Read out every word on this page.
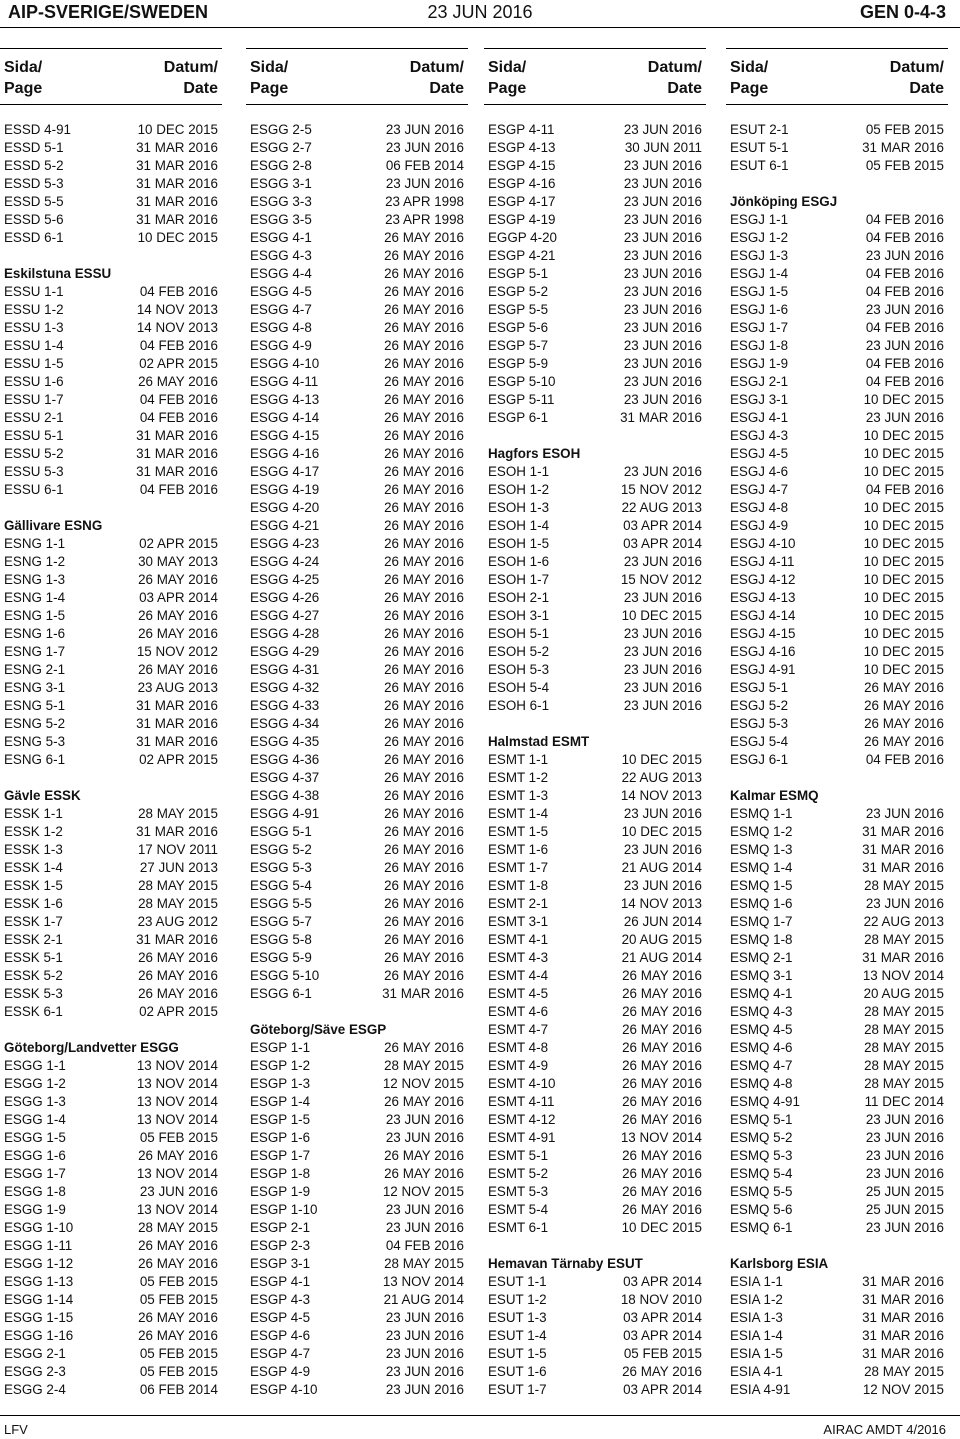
AIP-SVERIGE/SWEDEN	23 JUN 2016	GEN 0-4-3
Sida/
Page
Datum/
Date
ESSD 4-91	10 DEC 2015
ESSD 5-1	31 MAR 2016
ESSD 5-2	31 MAR 2016
ESSD 5-3	31 MAR 2016
ESSD 5-5	31 MAR 2016
ESSD 5-6	31 MAR 2016
ESSD 6-1	10 DEC 2015
Eskilstuna ESSU
ESSU 1-1	04 FEB 2016
ESSU 1-2	14 NOV 2013
ESSU 1-3	14 NOV 2013
ESSU 1-4	04 FEB 2016
ESSU 1-5	02 APR 2015
ESSU 1-6	26 MAY 2016
ESSU 1-7	04 FEB 2016
ESSU 2-1	04 FEB 2016
ESSU 5-1	31 MAR 2016
ESSU 5-2	31 MAR 2016
ESSU 5-3	31 MAR 2016
ESSU 6-1	04 FEB 2016
Gällivare ESNG
ESNG 1-1	02 APR 2015
ESNG 1-2	30 MAY 2013
ESNG 1-3	26 MAY 2016
ESNG 1-4	03 APR 2014
ESNG 1-5	26 MAY 2016
ESNG 1-6	26 MAY 2016
ESNG 1-7	15 NOV 2012
ESNG 2-1	26 MAY 2016
ESNG 3-1	23 AUG 2013
ESNG 5-1	31 MAR 2016
ESNG 5-2	31 MAR 2016
ESNG 5-3	31 MAR 2016
ESNG 6-1	02 APR 2015
Gävle ESSK
ESSK 1-1	28 MAY 2015
ESSK 1-2	31 MAR 2016
ESSK 1-3	17 NOV 2011
ESSK 1-4	27 JUN 2013
ESSK 1-5	28 MAY 2015
ESSK 1-6	28 MAY 2015
ESSK 1-7	23 AUG 2012
ESSK 2-1	31 MAR 2016
ESSK 5-1	26 MAY 2016
ESSK 5-2	26 MAY 2016
ESSK 5-3	26 MAY 2016
ESSK 6-1	02 APR 2015
Göteborg/Landvetter ESGG
ESGG 1-1	13 NOV 2014
ESGG 1-2	13 NOV 2014
ESGG 1-3	13 NOV 2014
ESGG 1-4	13 NOV 2014
ESGG 1-5	05 FEB 2015
ESGG 1-6	26 MAY 2016
ESGG 1-7	13 NOV 2014
ESGG 1-8	23 JUN 2016
ESGG 1-9	13 NOV 2014
ESGG 1-10	28 MAY 2015
ESGG 1-11	26 MAY 2016
ESGG 1-12	26 MAY 2016
ESGG 1-13	05 FEB 2015
ESGG 1-14	05 FEB 2015
ESGG 1-15	26 MAY 2016
ESGG 1-16	26 MAY 2016
ESGG 2-1	05 FEB 2015
ESGG 2-3	05 FEB 2015
ESGG 2-4	06 FEB 2014
Sida/
Page
Datum/
Date
ESGG 2-5	23 JUN 2016
ESGG 2-7	23 JUN 2016
ESGG 2-8	06 FEB 2014
ESGG 3-1	23 JUN 2016
ESGG 3-3	23 APR 1998
ESGG 3-5	23 APR 1998
ESGG 4-1	26 MAY 2016
ESGG 4-3	26 MAY 2016
ESGG 4-4	26 MAY 2016
ESGG 4-5	26 MAY 2016
ESGG 4-7	26 MAY 2016
ESGG 4-8	26 MAY 2016
ESGG 4-9	26 MAY 2016
ESGG 4-10	26 MAY 2016
ESGG 4-11	26 MAY 2016
ESGG 4-13	26 MAY 2016
ESGG 4-14	26 MAY 2016
ESGG 4-15	26 MAY 2016
ESGG 4-16	26 MAY 2016
ESGG 4-17	26 MAY 2016
ESGG 4-19	26 MAY 2016
ESGG 4-20	26 MAY 2016
ESGG 4-21	26 MAY 2016
ESGG 4-23	26 MAY 2016
ESGG 4-24	26 MAY 2016
ESGG 4-25	26 MAY 2016
ESGG 4-26	26 MAY 2016
ESGG 4-27	26 MAY 2016
ESGG 4-28	26 MAY 2016
ESGG 4-29	26 MAY 2016
ESGG 4-31	26 MAY 2016
ESGG 4-32	26 MAY 2016
ESGG 4-33	26 MAY 2016
ESGG 4-34	26 MAY 2016
ESGG 4-35	26 MAY 2016
ESGG 4-36	26 MAY 2016
ESGG 4-37	26 MAY 2016
ESGG 4-38	26 MAY 2016
ESGG 4-91	26 MAY 2016
ESGG 5-1	26 MAY 2016
ESGG 5-2	26 MAY 2016
ESGG 5-3	26 MAY 2016
ESGG 5-4	26 MAY 2016
ESGG 5-5	26 MAY 2016
ESGG 5-7	26 MAY 2016
ESGG 5-8	26 MAY 2016
ESGG 5-9	26 MAY 2016
ESGG 5-10	26 MAY 2016
ESGG 6-1	31 MAR 2016
Göteborg/Säve ESGP
ESGP 1-1	26 MAY 2016
ESGP 1-2	28 MAY 2015
ESGP 1-3	12 NOV 2015
ESGP 1-4	26 MAY 2016
ESGP 1-5	23 JUN 2016
ESGP 1-6	23 JUN 2016
ESGP 1-7	26 MAY 2016
ESGP 1-8	26 MAY 2016
ESGP 1-9	12 NOV 2015
ESGP 1-10	23 JUN 2016
ESGP 2-1	23 JUN 2016
ESGP 2-3	04 FEB 2016
ESGP 3-1	28 MAY 2015
ESGP 4-1	13 NOV 2014
ESGP 4-3	21 AUG 2014
ESGP 4-5	23 JUN 2016
ESGP 4-6	23 JUN 2016
ESGP 4-7	23 JUN 2016
ESGP 4-9	23 JUN 2016
ESGP 4-10	23 JUN 2016
Sida/
Page
Datum/
Date
ESGP 4-11	23 JUN 2016
ESGP 4-13	30 JUN 2011
ESGP 4-15	23 JUN 2016
ESGP 4-16	23 JUN 2016
ESGP 4-17	23 JUN 2016
ESGP 4-19	23 JUN 2016
EGGP 4-20	23 JUN 2016
ESGP 4-21	23 JUN 2016
ESGP 5-1	23 JUN 2016
ESGP 5-2	23 JUN 2016
ESGP 5-5	23 JUN 2016
ESGP 5-6	23 JUN 2016
ESGP 5-7	23 JUN 2016
ESGP 5-9	23 JUN 2016
ESGP 5-10	23 JUN 2016
ESGP 5-11	23 JUN 2016
ESGP 6-1	31 MAR 2016
Hagfors ESOH
ESOH 1-1	23 JUN 2016
ESOH 1-2	15 NOV 2012
ESOH 1-3	22 AUG 2013
ESOH 1-4	03 APR 2014
ESOH 1-5	03 APR 2014
ESOH 1-6	23 JUN 2016
ESOH 1-7	15 NOV 2012
ESOH 2-1	23 JUN 2016
ESOH 3-1	10 DEC 2015
ESOH 5-1	23 JUN 2016
ESOH 5-2	23 JUN 2016
ESOH 5-3	23 JUN 2016
ESOH 5-4	23 JUN 2016
ESOH 6-1	23 JUN 2016
Halmstad ESMT
ESMT 1-1	10 DEC 2015
ESMT 1-2	22 AUG 2013
ESMT 1-3	14 NOV 2013
ESMT 1-4	23 JUN 2016
ESMT 1-5	10 DEC 2015
ESMT 1-6	23 JUN 2016
ESMT 1-7	21 AUG 2014
ESMT 1-8	23 JUN 2016
ESMT 2-1	14 NOV 2013
ESMT 3-1	26 JUN 2014
ESMT 4-1	20 AUG 2015
ESMT 4-3	21 AUG 2014
ESMT 4-4	26 MAY 2016
ESMT 4-5	26 MAY 2016
ESMT 4-6	26 MAY 2016
ESMT 4-7	26 MAY 2016
ESMT 4-8	26 MAY 2016
ESMT 4-9	26 MAY 2016
ESMT 4-10	26 MAY 2016
ESMT 4-11	26 MAY 2016
ESMT 4-12	26 MAY 2016
ESMT 4-91	13 NOV 2014
ESMT 5-1	26 MAY 2016
ESMT 5-2	26 MAY 2016
ESMT 5-3	26 MAY 2016
ESMT 5-4	26 MAY 2016
ESMT 6-1	10 DEC 2015
Hemavan Tärnaby ESUT
ESUT 1-1	03 APR 2014
ESUT 1-2	18 NOV 2010
ESUT 1-3	03 APR 2014
ESUT 1-4	03 APR 2014
ESUT 1-5	05 FEB 2015
ESUT 1-6	26 MAY 2016
ESUT 1-7	03 APR 2014
Sida/
Page
Datum/
Date
ESUT 2-1	05 FEB 2015
ESUT 5-1	31 MAR 2016
ESUT 6-1	05 FEB 2015
Jönköping ESGJ
ESGJ 1-1	04 FEB 2016
ESGJ 1-2	04 FEB 2016
ESGJ 1-3	23 JUN 2016
ESGJ 1-4	04 FEB 2016
ESGJ 1-5	04 FEB 2016
ESGJ 1-6	23 JUN 2016
ESGJ 1-7	04 FEB 2016
ESGJ 1-8	23 JUN 2016
ESGJ 1-9	04 FEB 2016
ESGJ 2-1	04 FEB 2016
ESGJ 3-1	10 DEC 2015
ESGJ 4-1	23 JUN 2016
ESGJ 4-3	10 DEC 2015
ESGJ 4-5	10 DEC 2015
ESGJ 4-6	10 DEC 2015
ESGJ 4-7	04 FEB 2016
ESGJ 4-8	10 DEC 2015
ESGJ 4-9	10 DEC 2015
ESGJ 4-10	10 DEC 2015
ESGJ 4-11	10 DEC 2015
ESGJ 4-12	10 DEC 2015
ESGJ 4-13	10 DEC 2015
ESGJ 4-14	10 DEC 2015
ESGJ 4-15	10 DEC 2015
ESGJ 4-16	10 DEC 2015
ESGJ 4-91	10 DEC 2015
ESGJ 5-1	26 MAY 2016
ESGJ 5-2	26 MAY 2016
ESGJ 5-3	26 MAY 2016
ESGJ 5-4	26 MAY 2016
ESGJ 6-1	04 FEB 2016
Kalmar ESMQ
ESMQ 1-1	23 JUN 2016
ESMQ 1-2	31 MAR 2016
ESMQ 1-3	31 MAR 2016
ESMQ 1-4	31 MAR 2016
ESMQ 1-5	28 MAY 2015
ESMQ 1-6	23 JUN 2016
ESMQ 1-7	22 AUG 2013
ESMQ 1-8	28 MAY 2015
ESMQ 2-1	31 MAR 2016
ESMQ 3-1	13 NOV 2014
ESMQ 4-1	20 AUG 2015
ESMQ 4-3	28 MAY 2015
ESMQ 4-5	28 MAY 2015
ESMQ 4-6	28 MAY 2015
ESMQ 4-7	28 MAY 2015
ESMQ 4-8	28 MAY 2015
ESMQ 4-91	11 DEC 2014
ESMQ 5-1	23 JUN 2016
ESMQ 5-2	23 JUN 2016
ESMQ 5-3	23 JUN 2016
ESMQ 5-4	23 JUN 2016
ESMQ 5-5	25 JUN 2015
ESMQ 5-6	25 JUN 2015
ESMQ 6-1	23 JUN 2016
Karlsborg ESIA
ESIA 1-1	31 MAR 2016
ESIA 1-2	31 MAR 2016
ESIA 1-3	31 MAR 2016
ESIA 1-4	31 MAR 2016
ESIA 1-5	31 MAR 2016
ESIA 4-1	28 MAY 2015
ESIA 4-91	12 NOV 2015
LFV	AIRAC AMDT 4/2016
